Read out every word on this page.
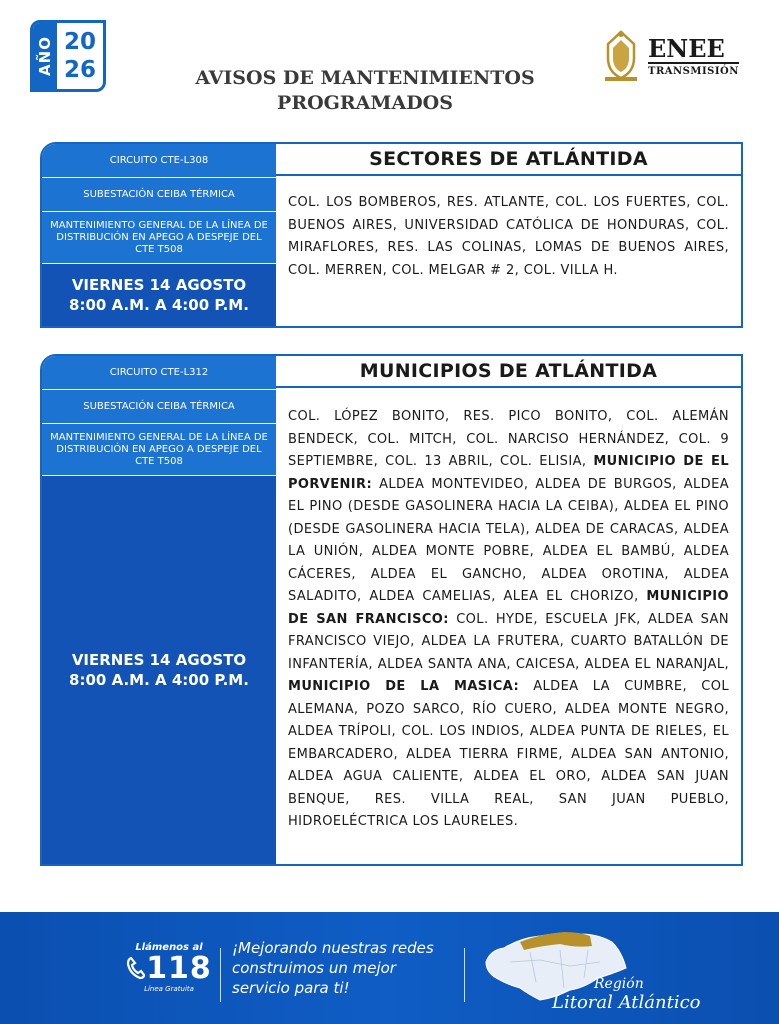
AÑO 20
26	AVISOS DE MANTENIMIENTOS
PROGRAMADOS
ENEE
TRANSMISIÓN
CIRCUITO CTE-L308
SUBESTACIÓN CEIBA TÉRMICA
MANTENIMIENTO GENERAL DE LA LÍNEA DE DISTRIBUCIÓN EN APEGO A DESPEJE DEL CTE T508
VIERNES 14 AGOSTO
8:00 A.M. A 4:00 P.M.
SECTORES DE ATLÁNTIDA
COL. LOS BOMBEROS, RES. ATLANTE, COL. LOS FUERTES, COL. BUENOS AIRES, UNIVERSIDAD CATÓLICA DE HONDURAS, COL. MIRAFLORES, RES. LAS COLINAS, LOMAS DE BUENOS AIRES, COL. MERREN, COL. MELGAR # 2, COL. VILLA H.
CIRCUITO CTE-L312
SUBESTACIÓN CEIBA TÉRMICA
MANTENIMIENTO GENERAL DE LA LÍNEA DE DISTRIBUCIÓN EN APEGO A DESPEJE DEL CTE T508
VIERNES 14 AGOSTO
8:00 A.M. A 4:00 P.M.
MUNICIPIOS DE ATLÁNTIDA
COL. LÓPEZ BONITO, RES. PICO BONITO, COL. ALEMÁN BENDECK, COL. MITCH, COL. NARCISO HERNÁNDEZ, COL. 9 SEPTIEMBRE, COL. 13 ABRIL, COL. ELISIA, MUNICIPIO DE EL PORVENIR: ALDEA MONTEVIDEO, ALDEA DE BURGOS, ALDEA EL PINO (DESDE GASOLINERA HACIA LA CEIBA), ALDEA EL PINO (DESDE GASOLINERA HACIA TELA), ALDEA DE CARACAS, ALDEA LA UNIÓN, ALDEA MONTE POBRE, ALDEA EL BAMBÚ, ALDEA CÁCERES, ALDEA EL GANCHO, ALDEA OROTINA, ALDEA SALADITO, ALDEA CAMELIAS, ALEA EL CHORIZO, MUNICIPIO DE SAN FRANCISCO: COL. HYDE, ESCUELA JFK, ALDEA SAN FRANCISCO VIEJO, ALDEA LA FRUTERA, CUARTO BATALLÓN DE INFANTERÍA, ALDEA SANTA ANA, CAICESA, ALDEA EL NARANJAL, MUNICIPIO DE LA MASICA: ALDEA LA CUMBRE, COL ALEMANA, POZO SARCO, RÍO CUERO, ALDEA MONTE NEGRO, ALDEA TRÍPOLI, COL. LOS INDIOS, ALDEA PUNTA DE RIELES, EL EMBARCADERO, ALDEA TIERRA FIRME, ALDEA SAN ANTONIO, ALDEA AGUA CALIENTE, ALDEA EL ORO, ALDEA SAN JUAN BENQUE, RES. VILLA REAL, SAN JUAN PUEBLO, HIDROELÉCTRICA LOS LAURELES.
Llámenos al
118
Línea Gratuita
¡Mejorando nuestras redes
construimos un mejor
servicio para ti!	Región
Litoral Atlántico
